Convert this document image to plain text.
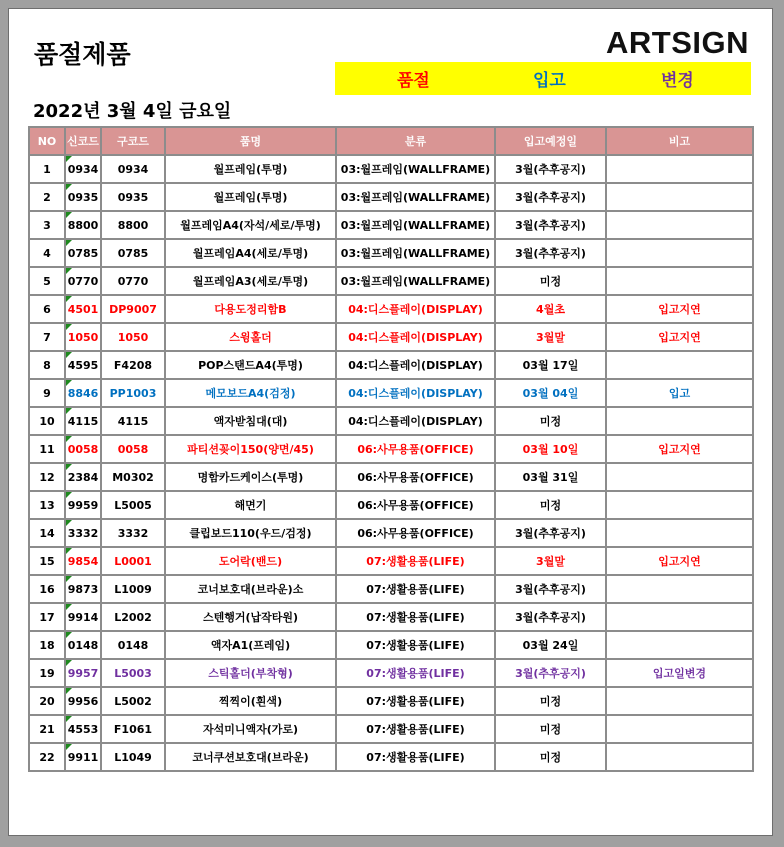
품절제품	ARTSIGN
품절	입고	변경
2022년 3월 4일 금요일
NO	신코드	구코드	품명	분류	입고예정일	비고
1	0934	0934	월프레임(투명)	03:월프레임(WALLFRAME)	3월(추후공지)	
2	0935	0935	월프레임(투명)	03:월프레임(WALLFRAME)	3월(추후공지)	
3	8800	8800	월프레임A4(자석/세로/투명)	03:월프레임(WALLFRAME)	3월(추후공지)	
4	0785	0785	월프레임A4(세로/투명)	03:월프레임(WALLFRAME)	3월(추후공지)	
5	0770	0770	월프레임A3(세로/투명)	03:월프레임(WALLFRAME)	미정	
6	4501	DP9007	다용도정리함B	04:디스플레이(DISPLAY)	4월초	입고지연
7	1050	1050	스윙홀더	04:디스플레이(DISPLAY)	3월말	입고지연
8	4595	F4208	POP스탠드A4(투명)	04:디스플레이(DISPLAY)	03월 17일	
9	8846	PP1003	메모보드A4(검정)	04:디스플레이(DISPLAY)	03월 04일	입고
10	4115	4115	액자받침대(대)	04:디스플레이(DISPLAY)	미정	
11	0058	0058	파티션꽂이150(양면/45)	06:사무용품(OFFICE)	03월 10일	입고지연
12	2384	M0302	명함카드케이스(투명)	06:사무용품(OFFICE)	03월 31일	
13	9959	L5005	해면기	06:사무용품(OFFICE)	미정	
14	3332	3332	클립보드110(우드/검정)	06:사무용품(OFFICE)	3월(추후공지)	
15	9854	L0001	도어락(밴드)	07:생활용품(LIFE)	3월말	입고지연
16	9873	L1009	코너보호대(브라운)소	07:생활용품(LIFE)	3월(추후공지)	
17	9914	L2002	스텐행거(납작타원)	07:생활용품(LIFE)	3월(추후공지)	
18	0148	0148	액자A1(프레임)	07:생활용품(LIFE)	03월 24일	
19	9957	L5003	스틱홀더(부착형)	07:생활용품(LIFE)	3월(추후공지)	입고일변경
20	9956	L5002	찍찍이(흰색)	07:생활용품(LIFE)	미정	
21	4553	F1061	자석미니액자(가로)	07:생활용품(LIFE)	미정	
22	9911	L1049	코너쿠션보호대(브라운)	07:생활용품(LIFE)	미정	
